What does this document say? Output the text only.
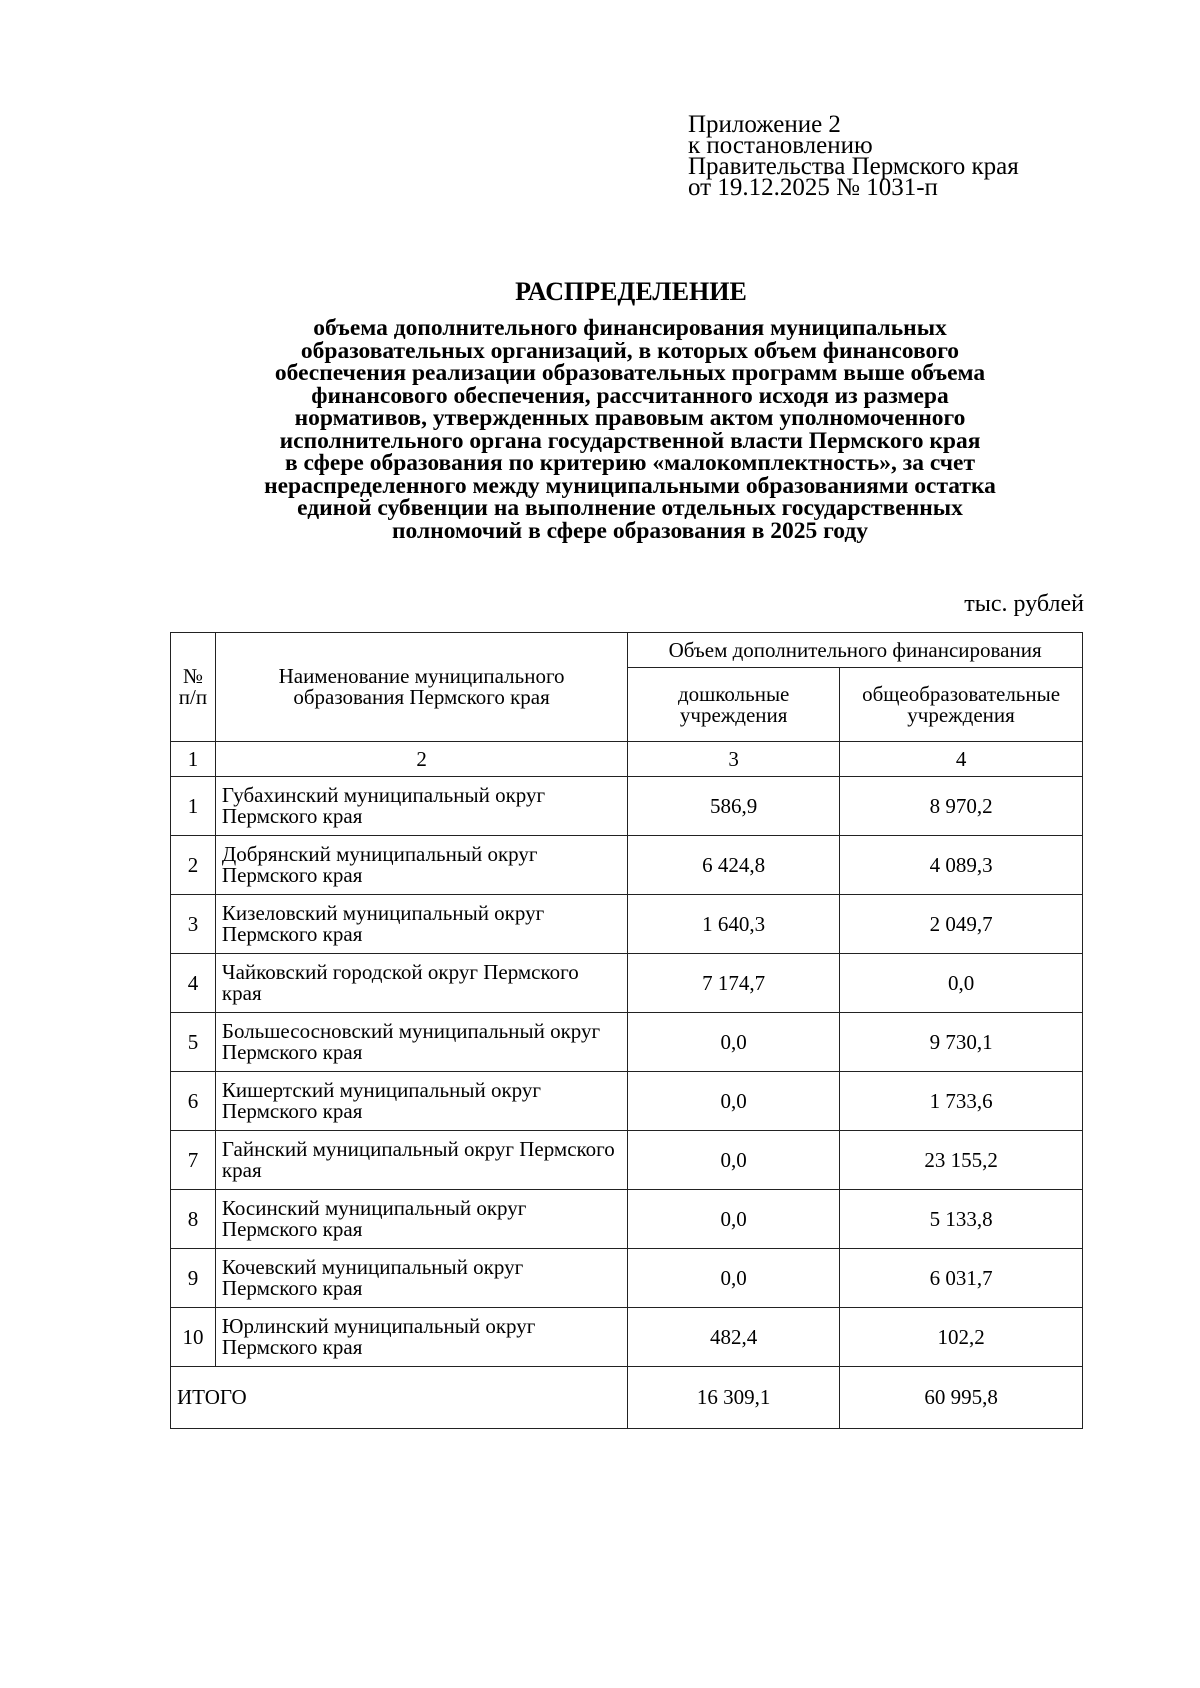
Приложение 2
к постановлению
Правительства Пермского края
от 19.12.2025 № 1031-п
РАСПРЕДЕЛЕНИЕ
объема дополнительного финансирования муниципальных
образовательных организаций, в которых объем финансового
обеспечения реализации образовательных программ выше объема
финансового обеспечения, рассчитанного исходя из размера
нормативов, утвержденных правовым актом уполномоченного
исполнительного органа государственной власти Пермского края
в сфере образования по критерию «малокомплектность», за счет
нераспределенного между муниципальными образованиями остатка
единой субвенции на выполнение отдельных государственных
полномочий в сфере образования в 2025 году
тыс. рублей
№ п/п	Наименование муниципального образования Пермского края	Объем дополнительного финансирования	
		дошкольные учреждения	общеобразовательные учреждения
1	2	3	4
1	Губахинский муниципальный округ Пермского края	586,9	8 970,2
2	Добрянский муниципальный округ Пермского края	6 424,8	4 089,3
3	Кизеловский муниципальный округ Пермского края	1 640,3	2 049,7
4	Чайковский городской округ Пермского края	7 174,7	0,0
5	Большесосновский муниципальный округ Пермского края	0,0	9 730,1
6	Кишертский муниципальный округ Пермского края	0,0	1 733,6
7	Гайнский муниципальный округ Пермского края	0,0	23 155,2
8	Косинский муниципальный округ Пермского края	0,0	5 133,8
9	Кочевский муниципальный округ Пермского края	0,0	6 031,7
10	Юрлинский муниципальный округ Пермского края	482,4	102,2
ИТОГО		16 309,1	60 995,8
